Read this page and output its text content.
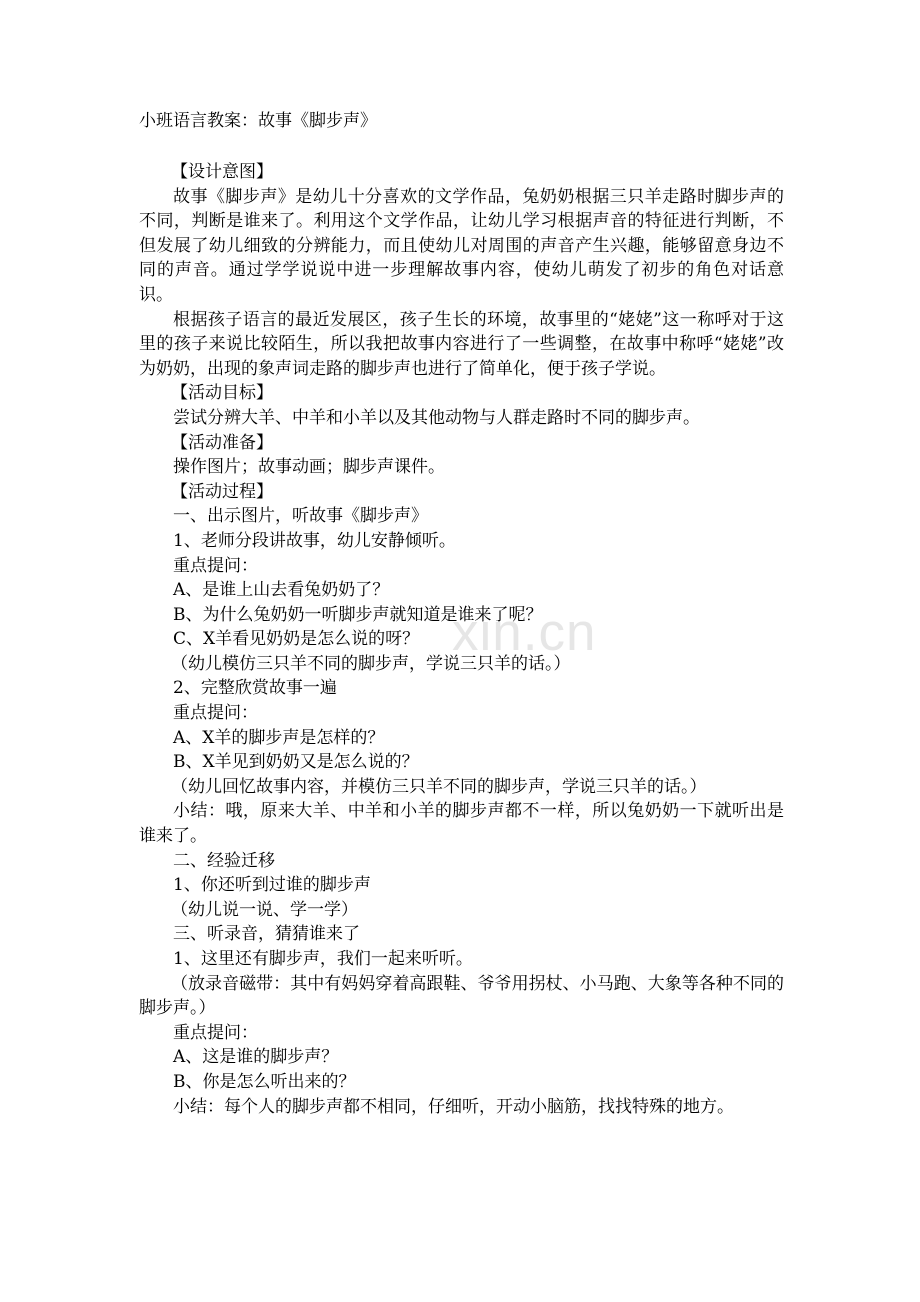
xin.cn
小班语言教案：故事《脚步声》
【设计意图】

故事《脚步声》是幼儿十分喜欢的文学作品，兔奶奶根据三只羊走路时脚步声的不同，判断是谁来了。利用这个文学作品，让幼儿学习根据声音的特征进行判断，不但发展了幼儿细致的分辨能力，而且使幼儿对周围的声音产生兴趣，能够留意身边不同的声音。通过学学说说中进一步理解故事内容，使幼儿萌发了初步的角色对话意识。

根据孩子语言的最近发展区，孩子生长的环境，故事里的“姥姥”这一称呼对于这里的孩子来说比较陌生，所以我把故事内容进行了一些调整，在故事中称呼“姥姥”改为奶奶，出现的象声词走路的脚步声也进行了简单化，便于孩子学说。

【活动目标】
尝试分辨大羊、中羊和小羊以及其他动物与人群走路时不同的脚步声。
【活动准备】
操作图片；故事动画；脚步声课件。
【活动过程】
一、出示图片，听故事《脚步声》
1、老师分段讲故事，幼儿安静倾听。
重点提问：
A、是谁上山去看兔奶奶了？
B、为什么兔奶奶一听脚步声就知道是谁来了呢？
C、X羊看见奶奶是怎么说的呀？
（幼儿模仿三只羊不同的脚步声，学说三只羊的话。）
2、完整欣赏故事一遍
重点提问：
A、X羊的脚步声是怎样的？
B、X羊见到奶奶又是怎么说的？
（幼儿回忆故事内容，并模仿三只羊不同的脚步声，学说三只羊的话。）

小结：哦，原来大羊、中羊和小羊的脚步声都不一样，所以兔奶奶一下就听出是谁来了。

二、经验迁移
1、你还听到过谁的脚步声
（幼儿说一说、学一学）
三、听录音，猜猜谁来了
1、这里还有脚步声，我们一起来听听。

（放录音磁带：其中有妈妈穿着高跟鞋、爷爷用拐杖、小马跑、大象等各种不同的脚步声。）

重点提问：
A、这是谁的脚步声？
B、你是怎么听出来的？
小结：每个人的脚步声都不相同，仔细听，开动小脑筋，找找特殊的地方。
